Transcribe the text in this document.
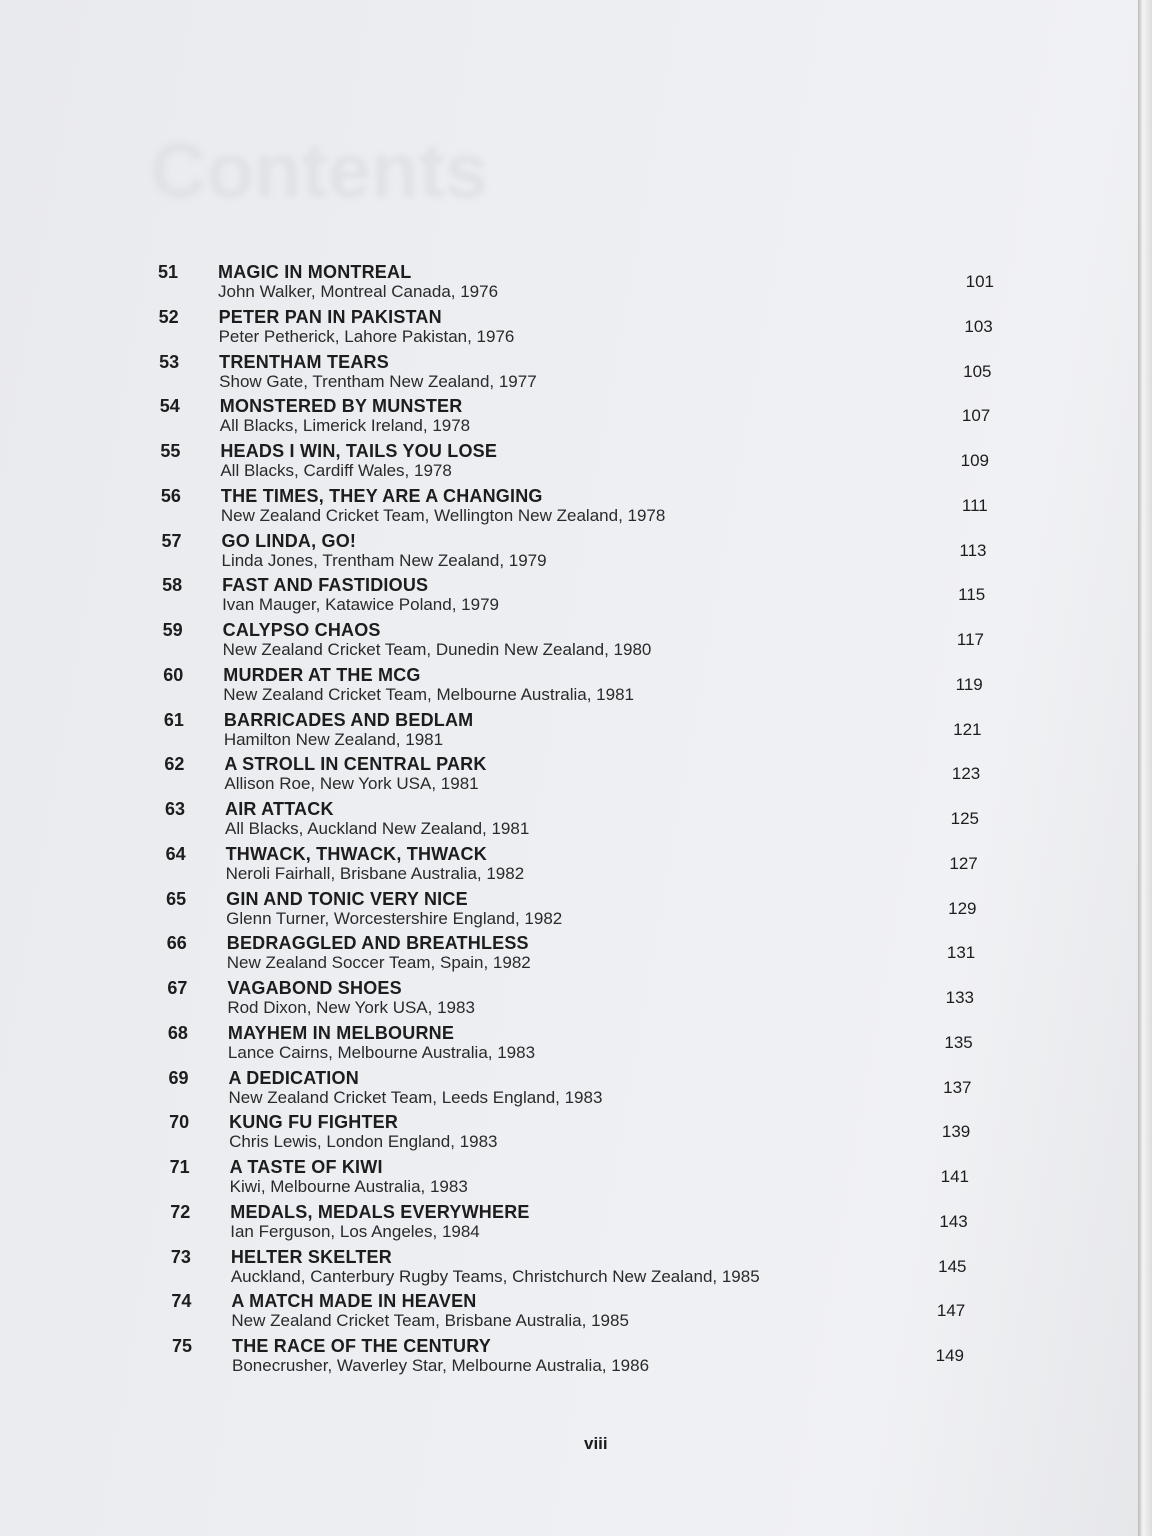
Contents
51 MAGIC IN MONTREAL
John Walker, Montreal Canada, 1976
101
52 PETER PAN IN PAKISTAN
Peter Petherick, Lahore Pakistan, 1976
103
53 TRENTHAM TEARS
Show Gate, Trentham New Zealand, 1977
105
54 MONSTERED BY MUNSTER
All Blacks, Limerick Ireland, 1978
107
55 HEADS I WIN, TAILS YOU LOSE
All Blacks, Cardiff Wales, 1978
109
56 THE TIMES, THEY ARE A CHANGING
New Zealand Cricket Team, Wellington New Zealand, 1978
111
57 GO LINDA, GO!
Linda Jones, Trentham New Zealand, 1979
113
58 FAST AND FASTIDIOUS
Ivan Mauger, Katawice Poland, 1979
115
59 CALYPSO CHAOS
New Zealand Cricket Team, Dunedin New Zealand, 1980
117
60 MURDER AT THE MCG
New Zealand Cricket Team, Melbourne Australia, 1981
119
61 BARRICADES AND BEDLAM
Hamilton New Zealand, 1981
121
62 A STROLL IN CENTRAL PARK
Allison Roe, New York USA, 1981
123
63 AIR ATTACK
All Blacks, Auckland New Zealand, 1981
125
64 THWACK, THWACK, THWACK
Neroli Fairhall, Brisbane Australia, 1982
127
65 GIN AND TONIC VERY NICE
Glenn Turner, Worcestershire England, 1982
129
66 BEDRAGGLED AND BREATHLESS
New Zealand Soccer Team, Spain, 1982
131
67 VAGABOND SHOES
Rod Dixon, New York USA, 1983
133
68 MAYHEM IN MELBOURNE
Lance Cairns, Melbourne Australia, 1983
135
69 A DEDICATION
New Zealand Cricket Team, Leeds England, 1983
137
70 KUNG FU FIGHTER
Chris Lewis, London England, 1983
139
71 A TASTE OF KIWI
Kiwi, Melbourne Australia, 1983
141
72 MEDALS, MEDALS EVERYWHERE
Ian Ferguson, Los Angeles, 1984
143
73 HELTER SKELTER
Auckland, Canterbury Rugby Teams, Christchurch New Zealand, 1985
145
74 A MATCH MADE IN HEAVEN
New Zealand Cricket Team, Brisbane Australia, 1985
147
75 THE RACE OF THE CENTURY
Bonecrusher, Waverley Star, Melbourne Australia, 1986
149
viii
